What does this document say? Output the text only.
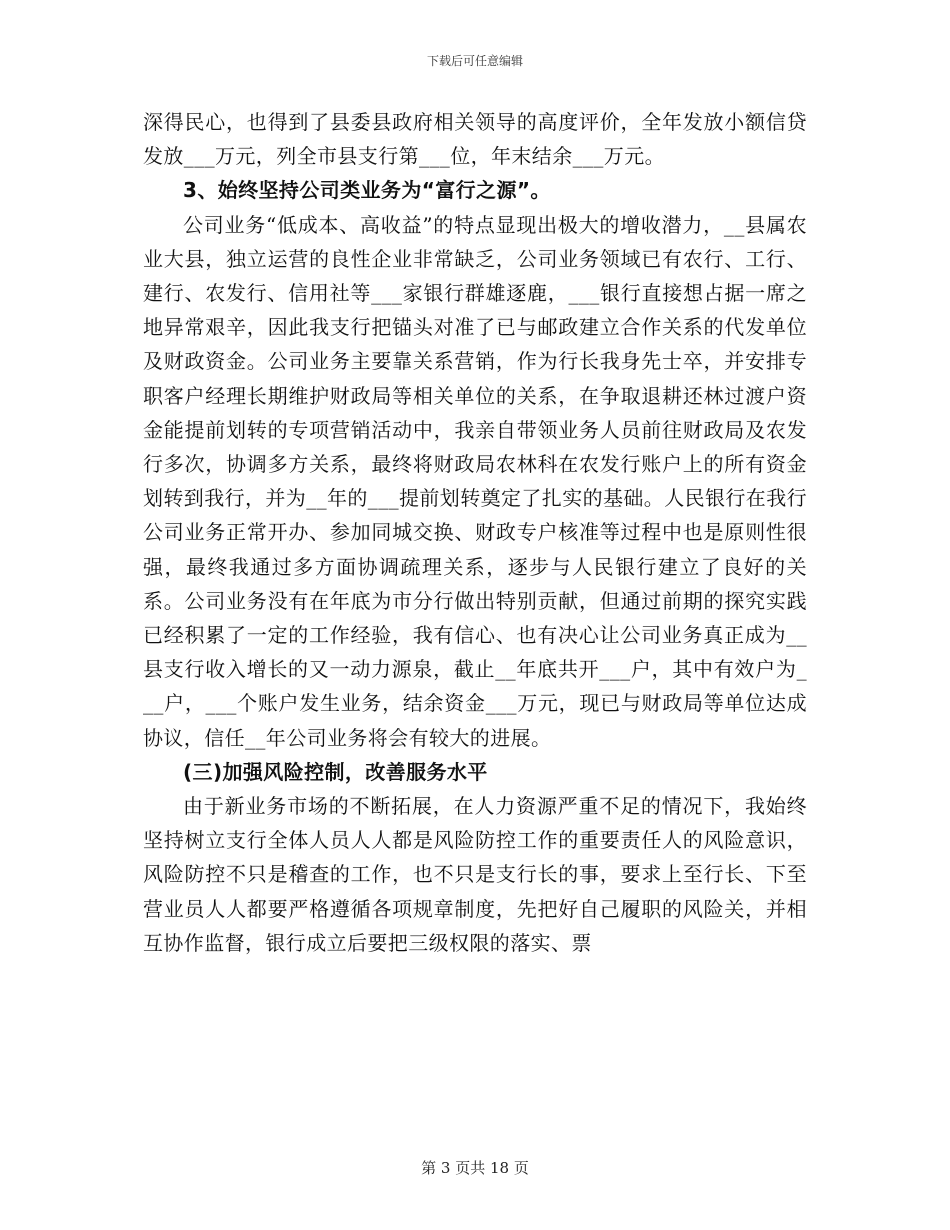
下载后可任意编辑

深得民心，也得到了县委县政府相关领导的高度评价，全年发放小额信贷发放___万元，列全市县支行第___位，年末结余___万元。

3、始终坚持公司类业务为“富行之源”。

公司业务“低成本、高收益”的特点显现出极大的增收潜力，__县属农业大县，独立运营的良性企业非常缺乏，公司业务领域已有农行、工行、建行、农发行、信用社等___家银行群雄逐鹿，___银行直接想占据一席之地异常艰辛，因此我支行把锚头对准了已与邮政建立合作关系的代发单位及财政资金。公司业务主要靠关系营销，作为行长我身先士卒，并安排专职客户经理长期维护财政局等相关单位的关系，在争取退耕还林过渡户资金能提前划转的专项营销活动中，我亲自带领业务人员前往财政局及农发行多次，协调多方关系，最终将财政局农林科在农发行账户上的所有资金划转到我行，并为__年的___提前划转奠定了扎实的基础。人民银行在我行公司业务正常开办、参加同城交换、财政专户核准等过程中也是原则性很强，最终我通过多方面协调疏理关系，逐步与人民银行建立了良好的关系。公司业务没有在年底为市分行做出特别贡献，但通过前期的探究实践已经积累了一定的工作经验，我有信心、也有决心让公司业务真正成为__县支行收入增长的又一动力源泉，截止__年底共开___户，其中有效户为___户，___个账户发生业务，结余资金___万元，现已与财政局等单位达成协议，信任__年公司业务将会有较大的进展。

(三)加强风险控制，改善服务水平

由于新业务市场的不断拓展，在人力资源严重不足的情况下，我始终坚持树立支行全体人员人人都是风险防控工作的重要责任人的风险意识，风险防控不只是稽查的工作，也不只是支行长的事，要求上至行长、下至营业员人人都要严格遵循各项规章制度，先把好自己履职的风险关，并相互协作监督，银行成立后要把三级权限的落实、票

第 3 页共 18 页
